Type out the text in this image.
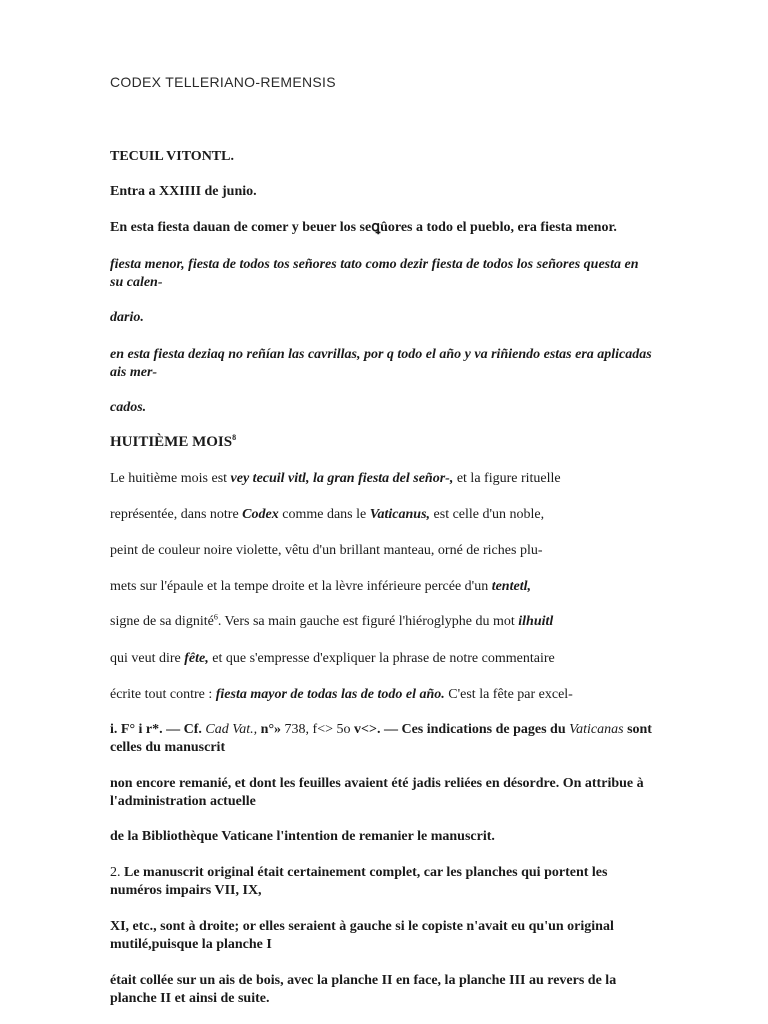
CODEX TELLERIANO-REMENSIS
TECUIL VITONTL.
Entra a XXIIII de junio.
En esta fiesta dauan de comer y beuer los seꝗûores a todo el pueblo, era fiesta menor.
fiesta menor, fiesta de todos tos señores tato como dezir fiesta de todos los señores questa en
su calen-
dario.
en esta fiesta deziaq no reñían las cavrillas, por q todo el año y va riñiendo estas era aplicadas
ais mer-
cados.
HUITIÈME MOIS$^8$
Le huitième mois est vey tecuil vitl, la gran fiesta del señor-, et la figure rituelle
représentée, dans notre Codex comme dans le Vaticanus, est celle d'un noble,
peint de couleur noire violette, vêtu d'un brillant manteau, orné de riches plu-
mets sur l'épaule et la tempe droite et la lèvre inférieure percée d'un tentetl,
signe de sa dignité$^6$. Vers sa main gauche est figuré l'hiéroglyphe du mot ilhuitl
qui veut dire fête, et que s'empresse d'expliquer la phrase de notre commentaire
écrite tout contre : fiesta mayor de todas las de todo el año. C'est la fête par excel-
i. F° i r*. — Cf. Cad Vat., n°» 738, f<> 5o v<>. — Ces indications de pages du Vaticanas sont
celles du manuscrit
non encore remanié, et dont les feuilles avaient été jadis reliées en désordre. On attribue à
l'administration actuelle
de la Bibliothèque Vaticane l'intention de remanier le manuscrit.
2. Le manuscrit original était certainement complet, car les planches qui portent les
numéros impairs VII, IX,
XI, etc., sont à droite; or elles seraient à gauche si le copiste n'avait eu qu'un original
mutilé,puisque la planche I
était collée sur un ais de bois, avec la planche II en face, la planche III au revers de la
planche II et ainsi de suite.
